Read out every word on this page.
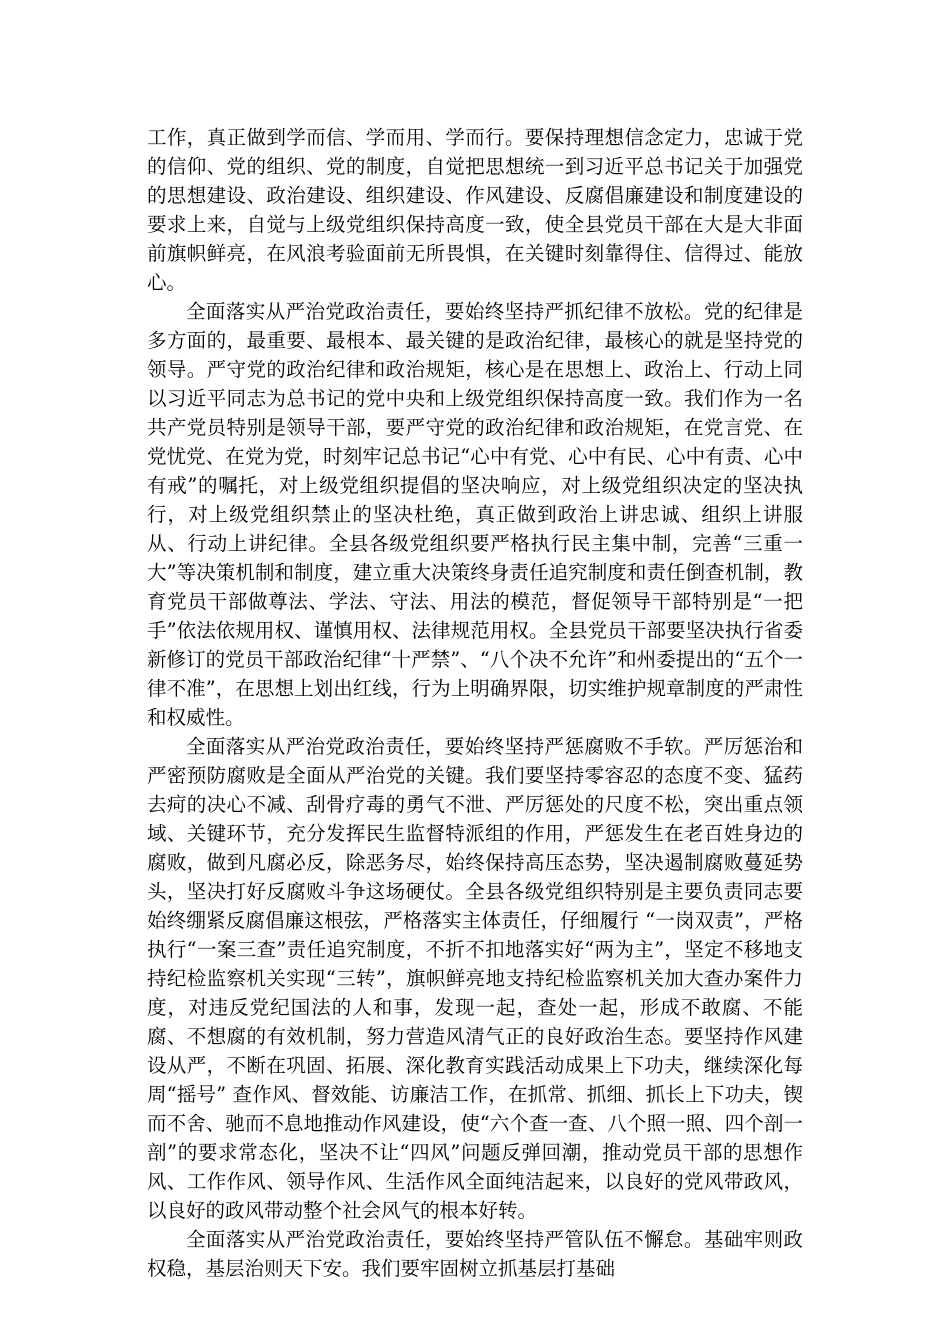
工作，真正做到学而信、学而用、学而行。要保持理想信念定力，忠诚于党的信仰、党的组织、党的制度，自觉把思想统一到习近平总书记关于加强党的思想建设、政治建设、组织建设、作风建设、反腐倡廉建设和制度建设的要求上来，自觉与上级党组织保持高度一致，使全县党员干部在大是大非面前旗帜鲜亮，在风浪考验面前无所畏惧，在关键时刻靠得住、信得过、能放心。

全面落实从严治党政治责任，要始终坚持严抓纪律不放松。党的纪律是多方面的，最重要、最根本、最关键的是政治纪律，最核心的就是坚持党的领导。严守党的政治纪律和政治规矩，核心是在思想上、政治上、行动上同以习近平同志为总书记的党中央和上级党组织保持高度一致。我们作为一名共产党员特别是领导干部，要严守党的政治纪律和政治规矩，在党言党、在党忧党、在党为党，时刻牢记总书记“心中有党、心中有民、心中有责、心中有戒”的嘱托，对上级党组织提倡的坚决响应，对上级党组织决定的坚决执行，对上级党组织禁止的坚决杜绝，真正做到政治上讲忠诚、组织上讲服从、行动上讲纪律。全县各级党组织要严格执行民主集中制，完善“三重一大”等决策机制和制度，建立重大决策终身责任追究制度和责任倒查机制，教育党员干部做尊法、学法、守法、用法的模范，督促领导干部特别是“一把手”依法依规用权、谨慎用权、法律规范用权。全县党员干部要坚决执行省委新修订的党员干部政治纪律“十严禁”、“八个决不允许”和州委提出的“五个一律不准”，在思想上划出红线，行为上明确界限，切实维护规章制度的严肃性和权威性。

全面落实从严治党政治责任，要始终坚持严惩腐败不手软。严厉惩治和严密预防腐败是全面从严治党的关键。我们要坚持零容忍的态度不变、猛药去疴的决心不减、刮骨疗毒的勇气不泄、严厉惩处的尺度不松，突出重点领域、关键环节，充分发挥民生监督特派组的作用，严惩发生在老百姓身边的腐败，做到凡腐必反，除恶务尽，始终保持高压态势，坚决遏制腐败蔓延势头，坚决打好反腐败斗争这场硬仗。全县各级党组织特别是主要负责同志要始终绷紧反腐倡廉这根弦，严格落实主体责任，仔细履行 “一岗双责”，严格执行“一案三查”责任追究制度，不折不扣地落实好“两为主”，坚定不移地支持纪检监察机关实现“三转”，旗帜鲜亮地支持纪检监察机关加大查办案件力度，对违反党纪国法的人和事，发现一起，查处一起，形成不敢腐、不能腐、不想腐的有效机制，努力营造风清气正的良好政治生态。要坚持作风建设从严，不断在巩固、拓展、深化教育实践活动成果上下功夫，继续深化每周“摇号” 查作风、督效能、访廉洁工作，在抓常、抓细、抓长上下功夫，锲而不舍、驰而不息地推动作风建设，使“六个查一查、八个照一照、四个剖一剖”的要求常态化，坚决不让“四风”问题反弹回潮，推动党员干部的思想作风、工作作风、领导作风、生活作风全面纯洁起来，以良好的党风带政风，以良好的政风带动整个社会风气的根本好转。

全面落实从严治党政治责任，要始终坚持严管队伍不懈怠。基础牢则政权稳，基层治则天下安。我们要牢固树立抓基层打基础
